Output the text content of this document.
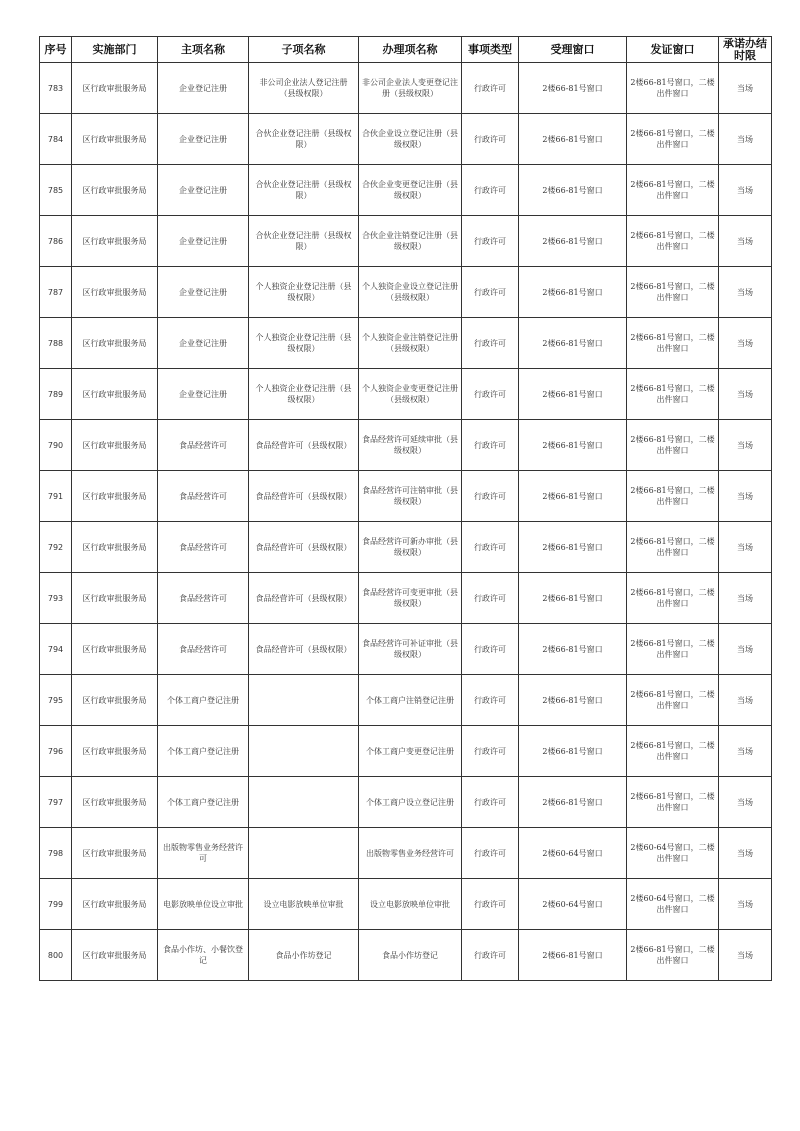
序号	实施部门	主项名称	子项名称	办理项名称	事项类型	受理窗口	发证窗口	承诺办结时限
783	区行政审批服务局	企业登记注册	非公司企业法人登记注册（县级权限）	非公司企业法人变更登记注册（县级权限）	行政许可	2楼66-81号窗口	2楼66-81号窗口，二楼出件窗口	当场
784	区行政审批服务局	企业登记注册	合伙企业登记注册（县级权限）	合伙企业设立登记注册（县级权限）	行政许可	2楼66-81号窗口	2楼66-81号窗口，二楼出件窗口	当场
785	区行政审批服务局	企业登记注册	合伙企业登记注册（县级权限）	合伙企业变更登记注册（县级权限）	行政许可	2楼66-81号窗口	2楼66-81号窗口，二楼出件窗口	当场
786	区行政审批服务局	企业登记注册	合伙企业登记注册（县级权限）	合伙企业注销登记注册（县级权限）	行政许可	2楼66-81号窗口	2楼66-81号窗口，二楼出件窗口	当场
787	区行政审批服务局	企业登记注册	个人独资企业登记注册（县级权限）	个人独资企业设立登记注册（县级权限）	行政许可	2楼66-81号窗口	2楼66-81号窗口，二楼出件窗口	当场
788	区行政审批服务局	企业登记注册	个人独资企业登记注册（县级权限）	个人独资企业注销登记注册（县级权限）	行政许可	2楼66-81号窗口	2楼66-81号窗口，二楼出件窗口	当场
789	区行政审批服务局	企业登记注册	个人独资企业登记注册（县级权限）	个人独资企业变更登记注册（县级权限）	行政许可	2楼66-81号窗口	2楼66-81号窗口，二楼出件窗口	当场
790	区行政审批服务局	食品经营许可	食品经营许可（县级权限）	食品经营许可延续审批（县级权限）	行政许可	2楼66-81号窗口	2楼66-81号窗口，二楼出件窗口	当场
791	区行政审批服务局	食品经营许可	食品经营许可（县级权限）	食品经营许可注销审批（县级权限）	行政许可	2楼66-81号窗口	2楼66-81号窗口，二楼出件窗口	当场
792	区行政审批服务局	食品经营许可	食品经营许可（县级权限）	食品经营许可新办审批（县级权限）	行政许可	2楼66-81号窗口	2楼66-81号窗口，二楼出件窗口	当场
793	区行政审批服务局	食品经营许可	食品经营许可（县级权限）	食品经营许可变更审批（县级权限）	行政许可	2楼66-81号窗口	2楼66-81号窗口，二楼出件窗口	当场
794	区行政审批服务局	食品经营许可	食品经营许可（县级权限）	食品经营许可补证审批（县级权限）	行政许可	2楼66-81号窗口	2楼66-81号窗口，二楼出件窗口	当场
795	区行政审批服务局	个体工商户登记注册		个体工商户注销登记注册	行政许可	2楼66-81号窗口	2楼66-81号窗口，二楼出件窗口	当场
796	区行政审批服务局	个体工商户登记注册		个体工商户变更登记注册	行政许可	2楼66-81号窗口	2楼66-81号窗口，二楼出件窗口	当场
797	区行政审批服务局	个体工商户登记注册		个体工商户设立登记注册	行政许可	2楼66-81号窗口	2楼66-81号窗口，二楼出件窗口	当场
798	区行政审批服务局	出版物零售业务经营许可		出版物零售业务经营许可	行政许可	2楼60-64号窗口	2楼60-64号窗口，二楼出件窗口	当场
799	区行政审批服务局	电影放映单位设立审批	设立电影放映单位审批	设立电影放映单位审批	行政许可	2楼60-64号窗口	2楼60-64号窗口，二楼出件窗口	当场
800	区行政审批服务局	食品小作坊、小餐饮登记	食品小作坊登记	食品小作坊登记	行政许可	2楼66-81号窗口	2楼66-81号窗口，二楼出件窗口	当场
